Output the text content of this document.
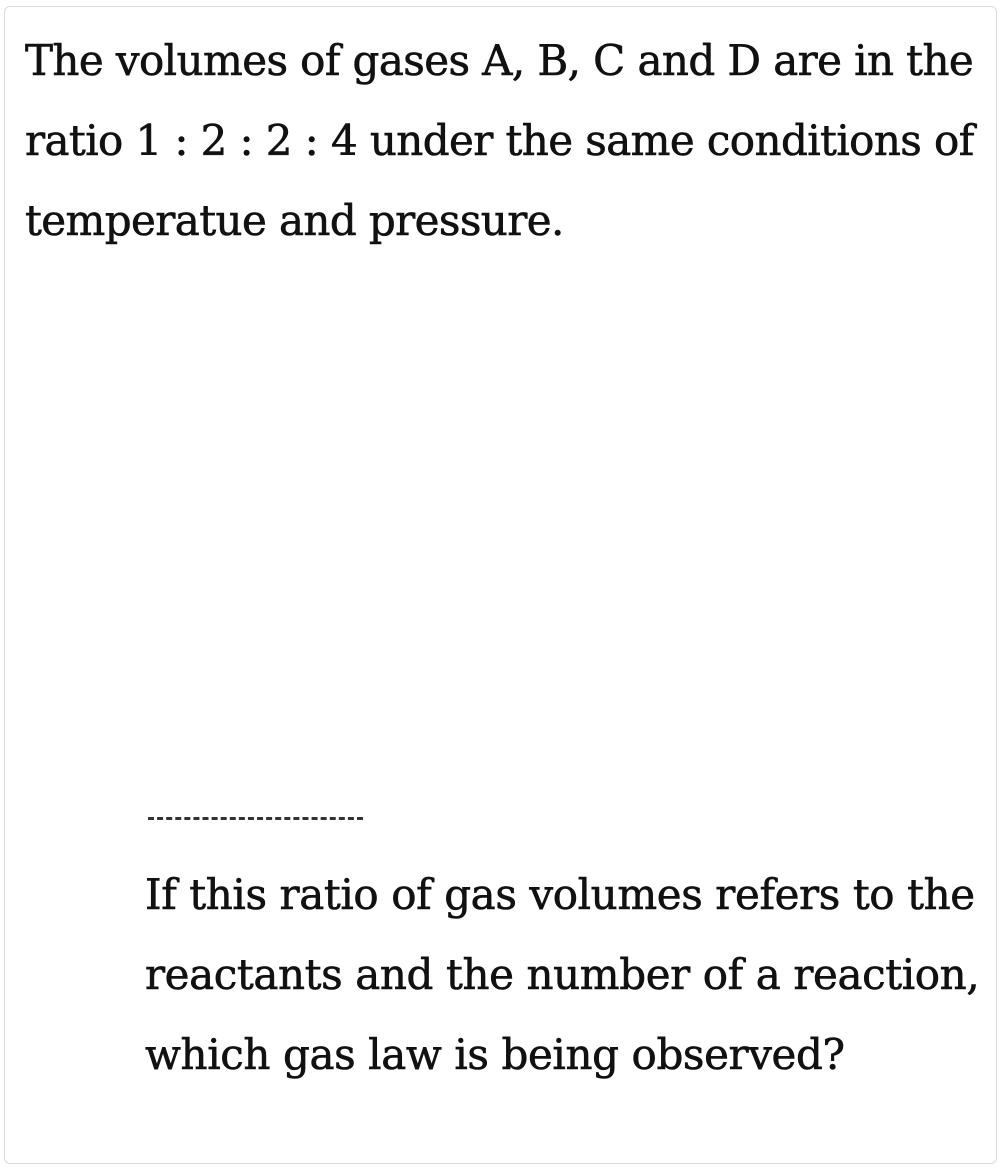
The volumes of gases A, B, C and D are in the ratio 1 : 2 : 2 : 4 under the same conditions of temperatue and pressure.

If this ratio of gas volumes refers to the reactants and the number of a reaction, which gas law is being observed?
